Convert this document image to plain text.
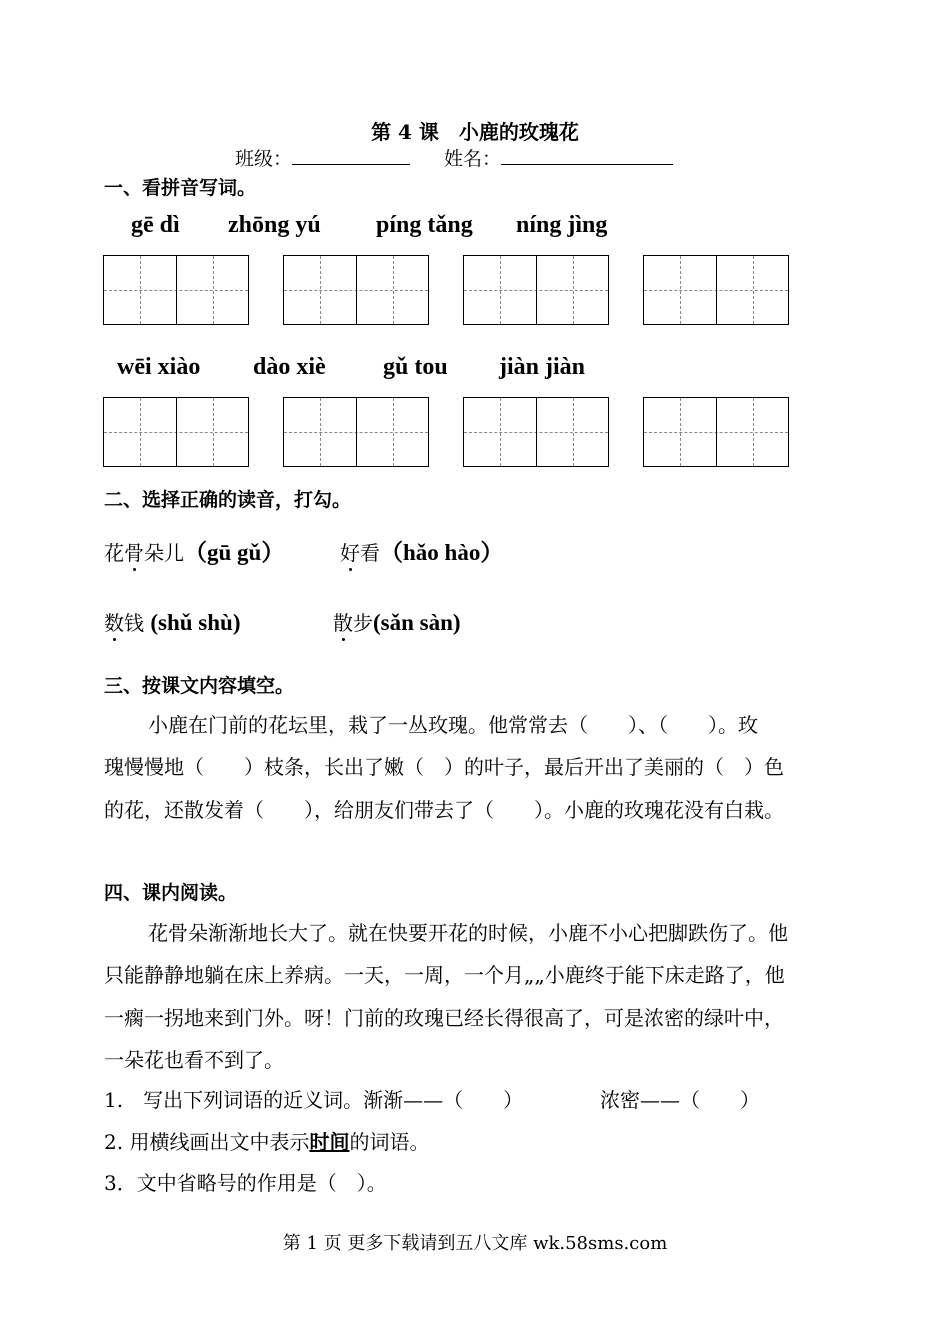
第 4 课　小鹿的玫瑰花
班级：	姓名：
一、看拼音写词。
gē dì zhōng yú píng tǎng níng jìng
wēi xiào dào xiè gǔ tou jiàn jiàn
二、选择正确的读音，打勾。
花骨朵儿（gū gǔ）	好看（hǎo hào）
数钱 (shǔ shù)	散步(sǎn sàn)
三、按课文内容填空。
小鹿在门前的花坛里，栽了一丛玫瑰。他常常去（　　）、（　　）。玫
瑰慢慢地（　　）枝条，长出了嫩（　）的叶子，最后开出了美丽的（　）色
的花，还散发着（　　），给朋友们带去了（　　）。小鹿的玫瑰花没有白栽。
四、课内阅读。
花骨朵渐渐地长大了。就在快要开花的时候，小鹿不小心把脚跌伤了。他
只能静静地躺在床上养病。一天，一周，一个月„„小鹿终于能下床走路了，他
一瘸一拐地来到门外。呀！门前的玫瑰已经长得很高了，可是浓密的绿叶中，
一朵花也看不到了。
1.　写出下列词语的近义词。渐渐——（　　）	浓密——（　　）
2. 用横线画出文中表示时间的词语。
3．文中省略号的作用是（　）。
第 1 页 更多下载请到五八文库 wk.58sms.com
